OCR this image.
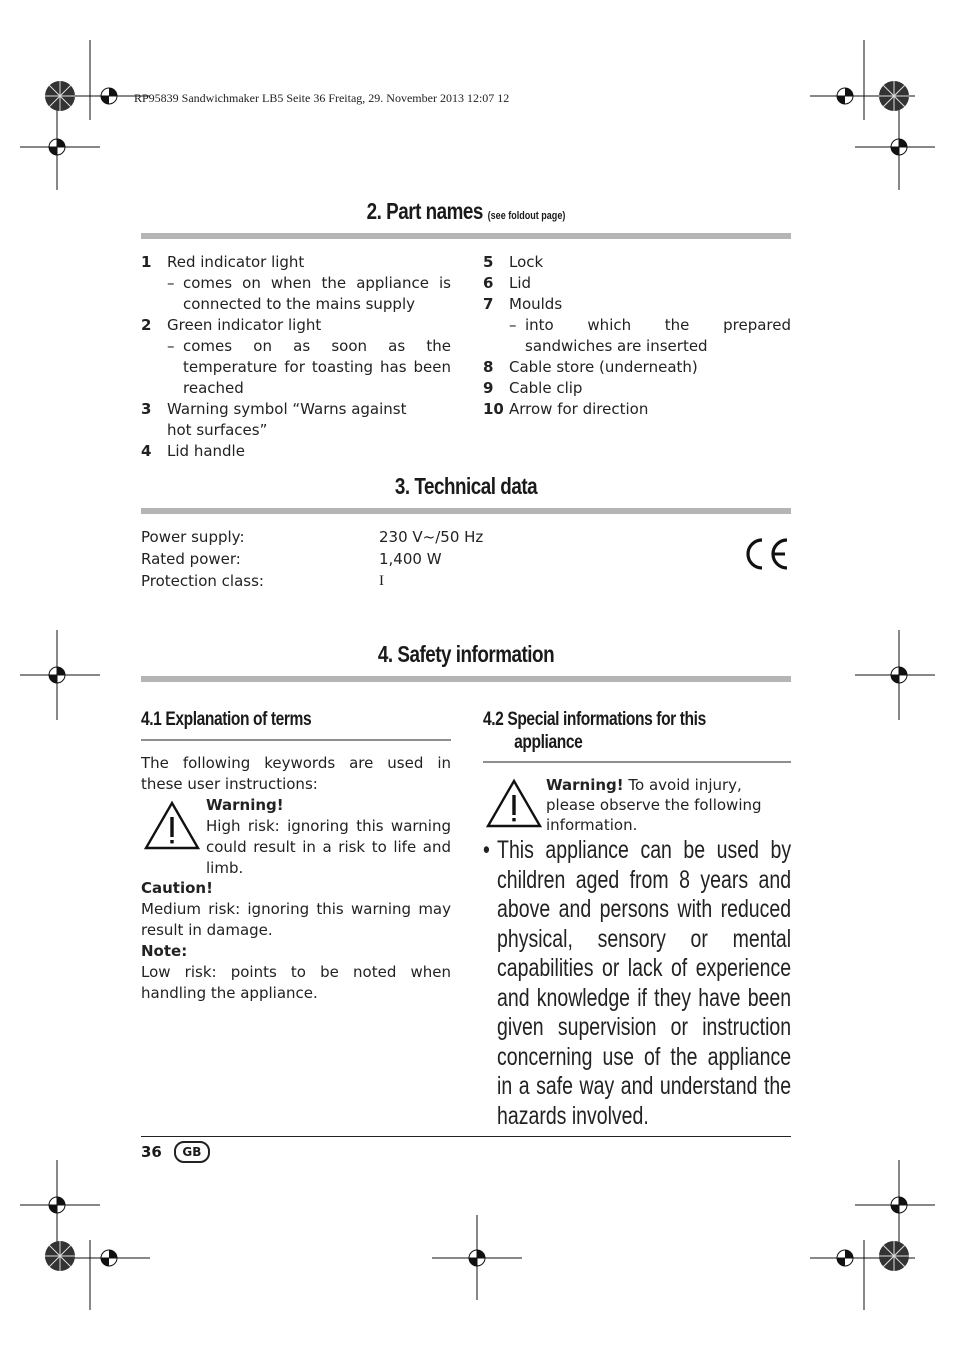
RP95839 Sandwichmaker LB5 Seite 36 Freitag, 29. November 2013 12:07 12
2. Part names (see foldout page)
1	Red indicator light
– comes on when the appliance is connected to the mains supply
2	Green indicator light
– comes on as soon as the temperature for toasting has been reached
3	Warning symbol “Warns against hot surfaces”
4	Lid handle
5	Lock
6	Lid
7	Moulds
– into which the prepared sandwiches are inserted
8	Cable store (underneath)
9	Cable clip
10 Arrow for direction
3. Technical data
Power supply:	230 V~/50 Hz
Rated power:	1,400 W
Protection class:	I
4. Safety information
4.1 Explanation of terms
The following keywords are used in these user instructions:
Warning!
High risk: ignoring this warning could result in a risk to life and limb.
Caution!
Medium risk: ignoring this warning may result in damage.
Note:
Low risk: points to be noted when handling the appliance.
4.2 Special informations for this
appliance
Warning! To avoid injury, please observe the following information.
• This appliance can be used by children aged from 8 years and above and persons with reduced physical, sensory or mental capabilities or lack of experience and knowledge if they have been given supervision or instruction concerning use of the appliance in a safe way and understand the hazards involved.
36	GB
